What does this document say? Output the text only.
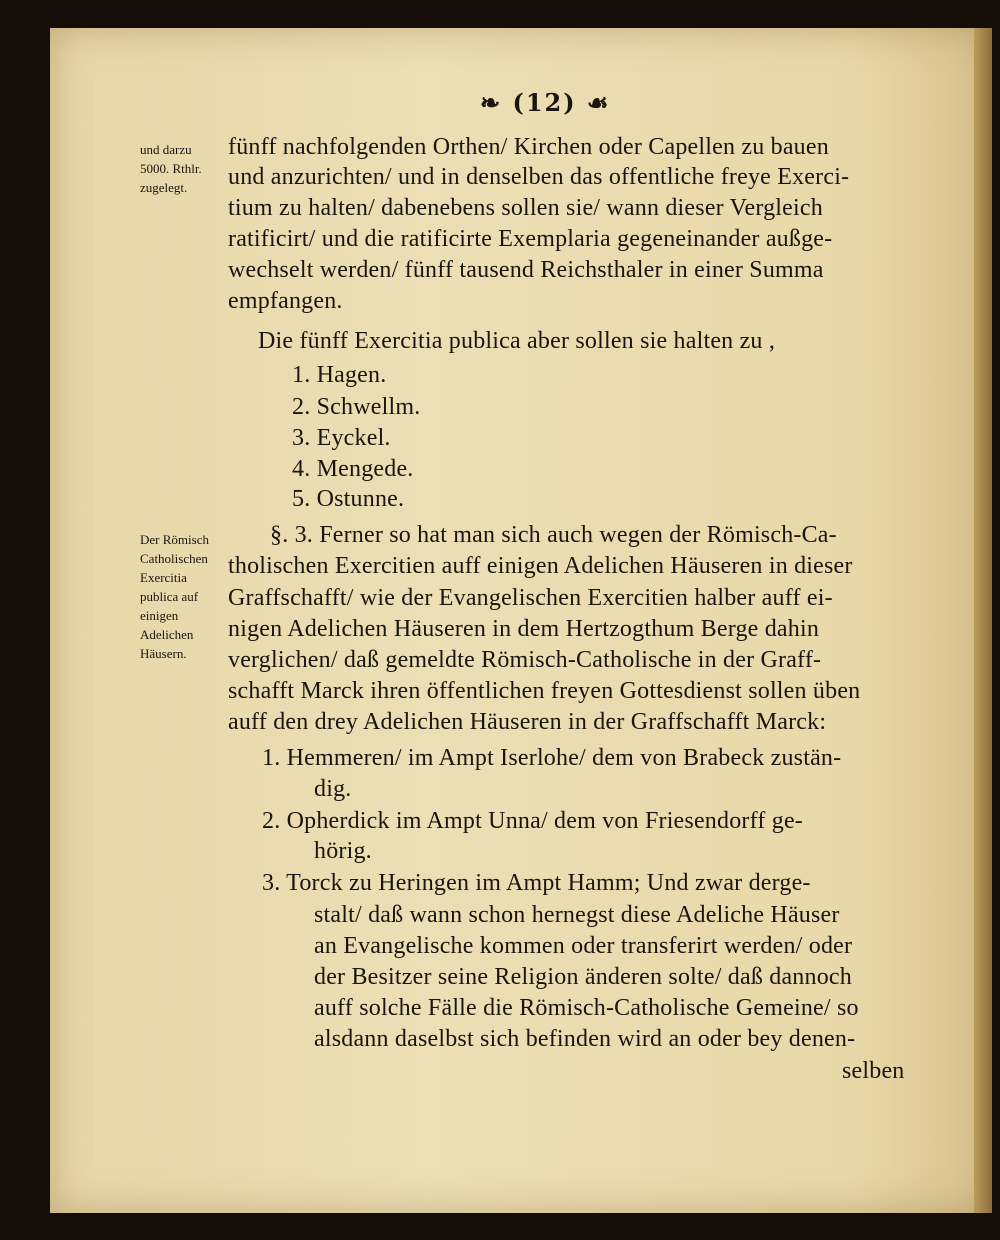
❧ (12) ☙
und darzu 5000. Rthlr. zugelegt.
Der Römisch Catholischen Exercitia publica auf einigen Adelichen Häusern.
fünff nachfolgenden Orthen/ Kirchen oder Capellen zu bauen
und anzurichten/ und in denselben das offentliche freye Exerci-
tium zu halten/ dabenebens sollen sie/ wann dieser Vergleich
ratificirt/ und die ratificirte Exemplaria gegeneinander außge-
wechselt werden/ fünff tausend Reichsthaler in einer Summa
empfangen.
Die fünff Exercitia publica aber sollen sie halten zu ,
1. Hagen.
2. Schwellm.
3. Eyckel.
4. Mengede.
5. Ostunne.
§. 3. Ferner so hat man sich auch wegen der Römisch-Ca-
tholischen Exercitien auff einigen Adelichen Häuseren in dieser
Graffschafft/ wie der Evangelischen Exercitien halber auff ei-
nigen Adelichen Häuseren in dem Hertzogthum Berge dahin
verglichen/ daß gemeldte Römisch-Catholische in der Graff-
schafft Marck ihren öffentlichen freyen Gottesdienst sollen üben
auff den drey Adelichen Häuseren in der Graffschafft Marck:
1. Hemmeren/ im Ampt Iserlohe/ dem von Brabeck zustän-
dig.
2. Opherdick im Ampt Unna/ dem von Friesendorff ge-
hörig.
3. Torck zu Heringen im Ampt Hamm; Und zwar derge-
stalt/ daß wann schon hernegst diese Adeliche Häuser
an Evangelische kommen oder transferirt werden/ oder
der Besitzer seine Religion änderen solte/ daß dannoch
auff solche Fälle die Römisch-Catholische Gemeine/ so
alsdann daselbst sich befinden wird an oder bey denen-
selben
